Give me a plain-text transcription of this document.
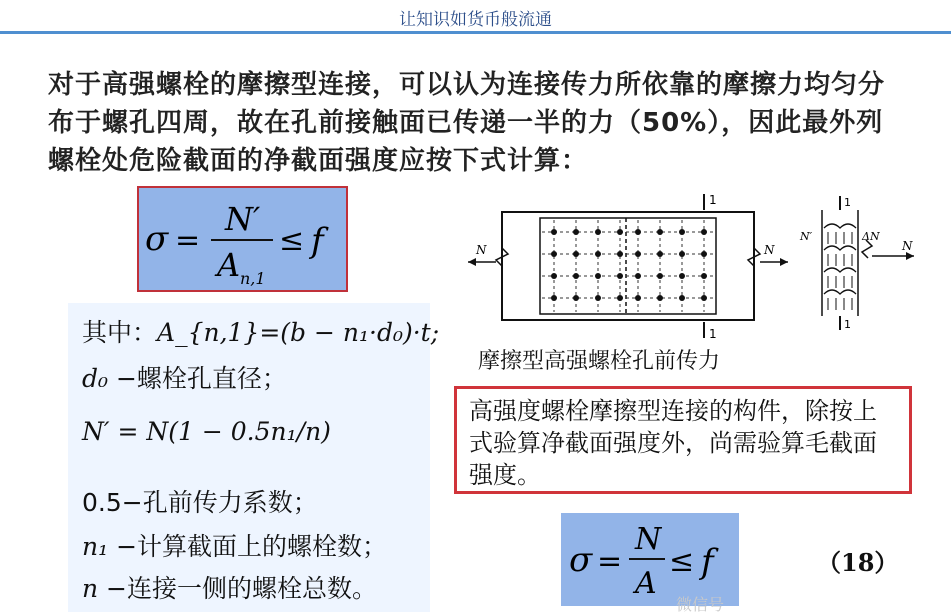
让知识如货币般流通
对于高强螺栓的摩擦型连接，可以认为连接传力所依靠的摩擦力均匀分布于螺孔四周，故在孔前接触面已传递一半的力（50%），因此最外列螺栓处危险截面的净截面强度应按下式计算：
σ =
N′
A n,1
≤ f
其中：A_{n,1}=(b − n₁·d₀)·t;
d₀ −螺栓孔直径；
N′ = N(1 − 0.5n₁/n)
0.5−孔前传力系数；
n₁ −计算截面上的螺栓数；
n −连接一侧的螺栓总数。
1
1
N	N
1
1
N
N′	ΔN
摩擦型高强螺栓孔前传力
高强度螺栓摩擦型连接的构件，除按上式验算净截面强度外，尚需验算毛截面强度。
σ =
N
A
≤ f	（18）
微信号
